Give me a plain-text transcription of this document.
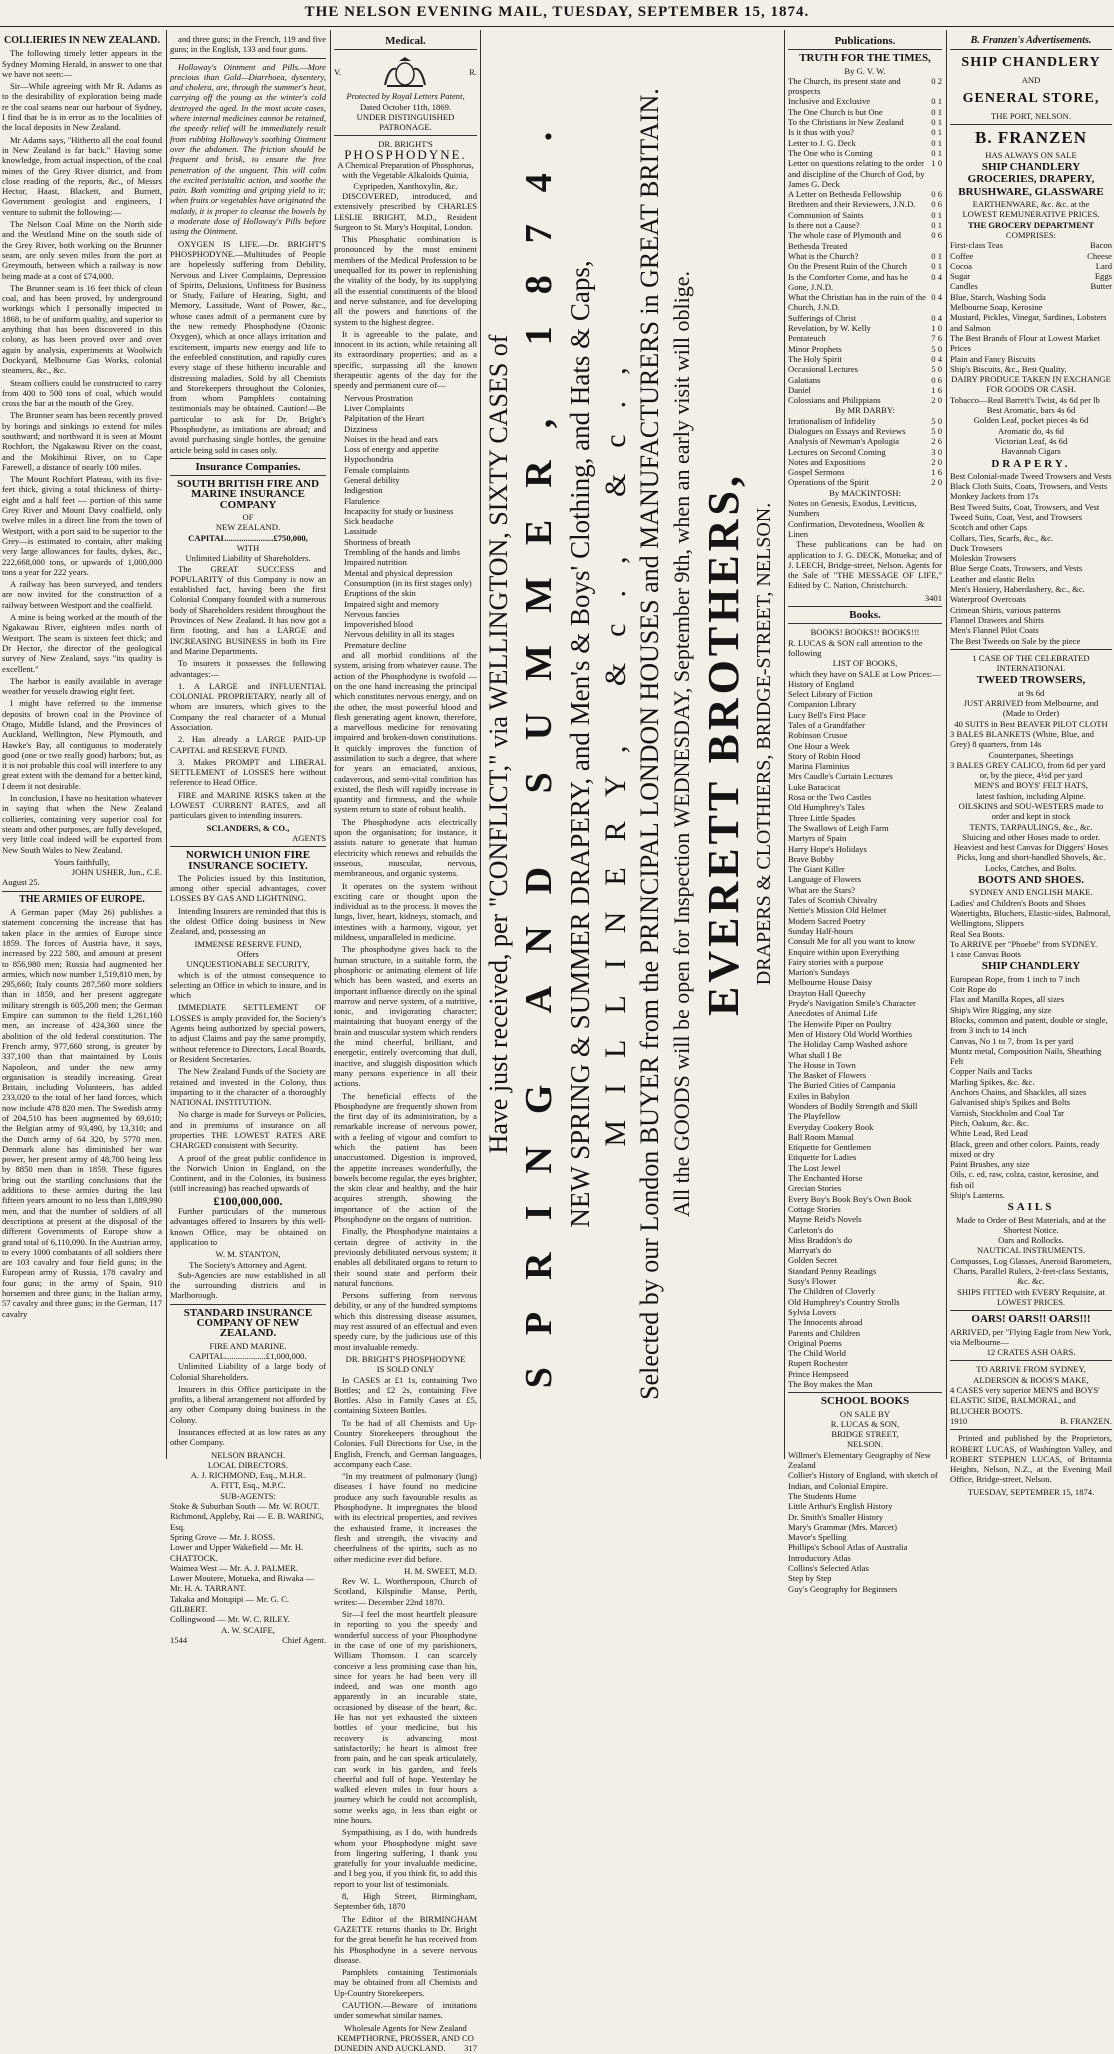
THE NELSON EVENING MAIL, TUESDAY, SEPTEMBER 15, 1874.
COLLIERIES IN NEW ZEALAND.

The following timely letter appears in the Sydney Morning Herald, in answer to one that we have not seen:—

Sir—While agreeing with Mr R. Adams as to the desirability of exploration being made re the coal seams near our harbour of Sydney, I find that he is in error as to the localities of the local deposits in New Zealand.

Mr Adams says, "Hitherto all the coal found in New Zealand is far back." Having some knowledge, from actual inspection, of the coal mines of the Grey River district, and from close reading of the reports, &c., of Messrs Hector, Haast, Blackett, and Burnett, Government geologist and engineers, I venture to submit the following:—

The Nelson Coal Mine on the North side and the Westland Mine on the south side of the Grey River, both working on the Brunner seam, are only seven miles from the port at Greymouth, between which a railway is now being made at a cost of £74,000.

The Brunner seam is 16 feet thick of clean coal, and has been proved, by underground workings which I personally inspected in 1868, to be of uniform quality, and superior to anything that has been discovered in this colony, as has been proved over and over again by analysis, experiments at Woolwich Dockyard, Melbourne Gas Works, colonial steamers, &c., &c.

Steam colliers could be constructed to carry from 400 to 500 tons of coal, which would cross the bar at the mouth of the Grey.

The Brunner seam has been recently proved by borings and sinkings to extend for miles southward; and northward it is seen at Mount Rochfort, the Ngakawau River on the coast, and the Mokihinui River, on to Cape Farewell, a distance of nearly 100 miles.

The Mount Rochfort Plateau, with its five-feet thick, giving a total thickness of thirty-eight and a half feet — portion of this same Grey River and Mount Davy coalfield, only twelve miles in a direct line from the town of Westport, with a port said to be superior to the Grey—is estimated to contain, after making very large allowances for faults, dykes, &c., 222,668,000 tons, or upwards of 1,000,000 tons a year for 222 years.

A railway has been surveyed, and tenders are now invited for the construction of a railway between Westport and the coalfield.

A mine is being worked at the mouth of the Ngakawau River, eighteen miles north of Westport. The seam is sixteen feet thick; and Dr Hector, the director of the geological survey of New Zealand, says "its quality is excellent."

The harbor is easily available in average weather for vessels drawing eight feet.

I might have referred to the immense deposits of brown coal in the Province of Otago, Middle Island, and the Provinces of Auckland, Wellington, New Plymouth, and Hawke's Bay, all contiguous to moderately good (one or two really good) harbors; but, as it is not probable this coal will interfere to any great extent with the demand for a better kind, I deem it not desirable.

In conclusion, I have no hesitation whatever in saying that when the New Zealand collieries, containing very superior coal for steam and other purposes, are fully developed, very little coal indeed will be exported from New South Wales to New Zealand.

Yours faithfully,
JOHN USHER, Jun., C.E.
August 25.
THE ARMIES OF EUROPE.

A German paper (May 26) publishes a statement concerning the increase that has taken place in the armies of Europe since 1859. The forces of Austria have, it says, increased by 222 580, and amount at present to 856,980 men; Russia had augmented her armies, which now number 1,519,810 men, by 295,660; Italy counts 287,560 more soldiers than in 1859, and her present aggregate military strength is 605,200 men; the German Empire can summon to the field 1,261,160 men, an increase of 424,360 since the abolition of the old federal constitution. The French army, 977,660 strong, is greater by 337,100 than that maintained by Louis Napoleon, and under the new army organisation is steadily increasing. Great Britain, including Volunteers, has added 233,020 to the total of her land forces, which now include 478 820 men. The Swedish army of 204,510 has been augmented by 69,610; the Belgian army of 93,490, by 13,310; and the Dutch army of 64 320, by 5770 men. Denmark alone has diminished her war power, her present army of 48,700 being less by 8850 men than in 1859. These figures bring out the startling conclusions that the additions to these armies during the last fifteen years amount to no less than 1,889,990 men, and that the number of soldiers of all descriptions at present at the disposal of the different Governments of Europe show a grand total of 6,110,090. In the Austrian army, to every 1000 combatants of all soldiers there are 103 cavalry and four field guns; in the European army of Russia, 178 cavalry and four guns; in the army of Spain, 910 horsemen and three guns; in the Italian army, 57 cavalry and three guns; in the German, 117 cavalry

and three guns; in the French, 119 and five guns; in the English, 133 and four guns.

Holloway's Ointment and Pills.—More precious than Gold—Diarrhoea, dysentery, and cholera, are, through the summer's heat, carrying off the young as the winter's cold destroyed the aged. In the most acute cases, where internal medicines cannot be retained, the speedy relief will be immediately result from rubbing Holloway's soothing Ointment over the abdomen. The friction should be frequent and brisk, to ensure the free penetration of the unguent. This will calm the excited peristaltic action, and soothe the pain. Both vomiting and griping yield to it; when fruits or vegetables have originated the malady, it is proper to cleanse the bowels by a moderate dose of Holloway's Pills before using the Ointment.

OXYGEN IS LIFE.—Dr. BRIGHT'S PHOSPHODYNE.—Multitudes of People are hopelessly suffering from Debility, Nervous and Liver Complaints, Depression of Spirits, Delusions, Unfitness for Business or Study, Failure of Hearing, Sight, and Memory, Lassitude, Want of Power, &c., whose cases admit of a permanent cure by the new remedy Phosphodyne (Ozonic Oxygen), which at once allays irritation and excitement, imparts new energy and life to the enfeebled constitution, and rapidly cures every stage of these hitherto incurable and distressing maladies. Sold by all Chemists and Storekeepers throughout the Colonies, from whom Pamphlets containing testimonials may be obtained. Caution!—Be particular to ask for Dr. Bright's Phosphodyne, as imitations are abroad; and avoid purchasing single bottles, the genuine article being sold in cases only.

Insurance Companies.
SOUTH BRITISH FIRE AND MARINE INSURANCE COMPANY
OF
NEW ZEALAND.
CAPITAL......................£750,000,
WITH
Unlimited Liability of Shareholders.

The GREAT SUCCESS and POPULARITY of this Company is now an established fact, having been the first Colonial Company founded with a numerous body of Shareholders resident throughout the Provinces of New Zealand. It has now got a firm footing, and has a LARGE and INCREASING BUSINESS in both its Fire and Marine Departments.

To insurers it possesses the following advantages:—

1. A LARGE and INFLUENTIAL COLONIAL PROPRIETARY, nearly all of whom are insurers, which gives to the Company the real character of a Mutual Association.

2. Has already a LARGE PAID-UP CAPITAL and RESERVE FUND.

3. Makes PROMPT and LIBERAL SETTLEMENT of LOSSES here without reference to Head Office.

FIRE and MARINE RISKS taken at the LOWEST CURRENT RATES, and all particulars given to intending insurers.

SCLANDERS, & CO.,
AGENTS
NORWICH UNION FIRE INSURANCE SOCIETY.

The Policies issued by this Institution, among other special advantages, cover LOSSES BY GAS AND LIGHTNING.

Intending Insurers are reminded that this is the oldest Office doing business in New Zealand, and, possessing an

IMMENSE RESERVE FUND,
Offers
UNQUESTIONABLE SECURITY,

which is of the utmost consequence to selecting an Office in which to insure, and in which

IMMEDIATE SETTLEMENT OF LOSSES is amply provided for, the Society's Agents being authorized by special powers, to adjust Claims and pay the same promptly, without reference to Directors, Local Boards, or Resident Secretaries.

The New Zealand Funds of the Society are retained and invested in the Colony, thus imparting to it the character of a thoroughly NATIONAL INSTITUTION.

No charge is made for Surveys or Policies, and in premiums of insurance on all properties THE LOWEST RATES ARE CHARGED consistent with Security.

A proof of the great public confidence in the Norwich Union in England, on the Continent, and in the Colonies, its business (still increasing) has reached upwards of

£100,000,000.

Further particulars of the numerous advantages offered to Insurers by this well-known Office, may be obtained on application to

W. M. STANTON,
The Society's Attorney and Agent.

Sub-Agencies are now established in all the surrounding districts and in Marlborough.

STANDARD INSURANCE COMPANY OF NEW ZEALAND.
FIRE AND MARINE.
CAPITAL...................£1,000,000.

Unlimited Liability of a large body of Colonial Shareholders.

Insurers in this Office participate in the profits, a liberal arrangement not afforded by any other Company doing business in the Colony.

Insurances effected at as low rates as any other Company.

NELSON BRANCH.
LOCAL DIRECTORS.
A. J. RICHMOND, Esq., M.H.R.
A. FITT, Esq., M.P.C.
SUB-AGENTS:
Stoke & Suburban South — Mr. W. ROUT.
Richmond, Appleby, Rai — E. B. WARING, Esq.
Spring Grove — Mr. J. ROSS.
Lower and Upper Wakefield — Mr. H. CHATTOCK.
Waimea West — Mr. A. J. PALMER.
Lower Moutere, Motueka, and Riwaka — Mr. H. A. TARRANT.
Takaka and Motupipi — Mr. G. C. GILBERT.
Collingwood — Mr. W. C. RILEY.
A. W. SCAIFE,
1544	Chief Agent.
Medical.
V.	R.
Protected by Royal Letters Patent,
Dated October 11th, 1869.
UNDER DISTINGUISHED PATRONAGE.
DR. BRIGHT'S
PHOSPHODYNE.
A Chemical Preparation of Phosphorus, with the Vegetable Alkaloids Quinia, Cypripeden, Xanthoxylin, &c.

DISCOVERED, introduced, and extensively prescribed by CHARLES LESLIE BRIGHT, M.D., Resident Surgeon to St. Mary's Hospital, London.

This Phosphatic combination is pronounced by the most eminent members of the Medical Profession to be unequalled for its power in replenishing the vitality of the body, by its supplying all the essential constituents of the blood and nerve substance, and for developing all the powers and functions of the system to the highest degree.

It is agreeable to the palate, and innocent in its action, while retaining all its extraordinary properties; and as a specific, surpassing all the known therapeutic agents of the day for the speedy and permanent cure of—

Nervous Prostration
Liver Complaints
Palpitation of the Heart
Dizziness
Noises in the head and ears
Loss of energy and appetite
Hypochondria
Female complaints
General debility
Indigestion
Flatulence
Incapacity for study or business
Sick headache
Lassitude
Shortness of breath
Trembling of the hands and limbs
Impaired nutrition
Mental and physical depression
Consumption (in its first stages only)
Eruptions of the skin
Impaired sight and memory
Nervous fancies
Impoverished blood
Nervous debility in all its stages
Premature decline

and all morbid conditions of the system, arising from whatever cause. The action of the Phosphodyne is twofold — on the one hand increasing the principal which constitutes nervous energy, and on the other, the most powerful blood and flesh generating agent known, therefore, a marvellous medicine for renovating impaired and broken-down constitutions. It quickly improves the function of assimilation to such a degree, that where for years an emaciated, anxious, cadaverous, and semi-vital condition has existed, the flesh will rapidly increase in quantity and firmness, and the whole system return to state of robust health.

The Phosphodyne acts electrically upon the organisation; for instance, it assists nature to generate that human electricity which renews and rebuilds the osseous, muscular, nervous, membraneous, and organic systems.

It operates on the system without exciting care or thought upon the individual as to the process. It moves the lungs, liver, heart, kidneys, stomach, and intestines with a harmony, vigour, yet mildness, unparalleled in medicine.

The phosphodyne gives back to the human structure, in a suitable form, the phosphoric or animating element of life which has been wasted, and exerts an important influence directly on the spinal marrow and nerve system, of a nutritive, tonic, and invigorating character; maintaining that buoyant energy of the brain and muscular system which renders the mind cheerful, brilliant, and energetic, entirely overcoming that dull, inactive, and sluggish disposition which many persons experience in all their actions.

The beneficial effects of the Phosphodyne are frequently shown from the first day of its administration, by a remarkable increase of nervous power, with a feeling of vigour and comfort to which the patient has been unaccustomed. Digestion is improved, the appetite increases wonderfully, the bowels become regular, the eyes brighter, the skin clear and healthy, and the hair acquires strength, showing the importance of the action of the Phosphodyne on the organs of nutrition.

Finally, the Phosphodyne maintains a certain degree of activity in the previously debilitated nervous system; it enables all debilitated organs to return to their sound state and perform their natural functions.

Persons suffering from nervous debility, or any of the hundred symptoms which this distressing disease assumes, may rest assured of an effectual and even speedy cure, by the judicious use of this most invaluable remedy.

DR. BRIGHT'S PHOSPHODYNE
IS SOLD ONLY

In CASES at £1 1s, containing Two Bottles; and £2 2s, containing Five Bottles. Also in Family Cases at £5, containing Sixteen Bottles.

To be had of all Chemists and Up-Country Storekeepers throughout the Colonies. Full Directions for Use, in the English, French, and German languages, accompany each Case.

"In my treatment of pulmonary (lung) diseases I have found no medicine produce any such favourable results as Phosphodyne. It impregnates the blood with its electrical properties, and revives the exhausted frame, it increases the flesh and strength, the vivacity and cheerfulness of the spirits, such as no other medicine ever did before.

H. M. SWEET, M.D.

Rev W. L. Wortherspoon, Church of Scotland, Kilspindie Manse, Perth, writes:— December 22nd 1870.

Sir—I feel the most heartfelt pleasure in reporting to you the speedy and wonderful success of your Phosphodyne in the case of one of my parishioners, William Thomson. I can scarcely conceive a less promising case than his, since for years he had been very ill indeed, and was one month ago apparently in an incurable state, occasioned by disease of the heart, &c. He has not yet exhausted the sixteen bottles of your medicine, but his recovery is advancing most satisfactorily; he heart is almost free from pain, and he can speak articulately, can work in his garden, and feels cheerful and full of hope. Yesterday he walked eleven miles in four hours a journey which he could not accomplish, some weeks ago, in less than eight or nine hours.

Sympathising, as I do, with hundreds whom your Phosphodyne might save from lingering suffering, I thank you gratefully for your invaluable medicine, and I beg you, if you think fit, to add this report to your list of testimonials.

8, High Street, Birmingham, September 6th, 1870

The Editor of the BIRMINGHAM GAZETTE returns thanks to Dr. Bright for the great benefit he has received from his Phosphodyne in a severe nervous disease.

Pamphlets containing Testimonials may be obtained from all Chemists and Up-Country Storekeepers.

CAUTION.—Beware of imitations under somewhat similar names.

Wholesale Agents for New Zealand
KEMPTHORNE, PROSSER, AND CO
DUNEDIN AND AUCKLAND. 317
Have just received, per "CONFLICT," via WELLINGTON, SIXTY CASES of SPRING AND SUMMER, 1874. NEW SPRING & SUMMER DRAPERY, and Men's & Boys' Clothing, and Hats & Caps, MILLINERY, &c., &c., Selected by our London BUYER from the PRINCIPAL LONDON HOUSES and MANUFACTURERS in GREAT BRITAIN. All the GOODS will be open for Inspection WEDNESDAY, September 9th, when an early visit will oblige. EVERETT BROTHERS, DRAPERS & CLOTHIERS, BRIDGE-STREET, NELSON.
Publications.
TRUTH FOR THE TIMES,
By G. V. W.
The Church, its present state and prospects
0 2
Inclusive and Exclusive	0 1
The One Church is but One	0 1
To the Christians in New Zealand	0 1
Is it thus with you?	0 1
Letter to J. G. Deck	0 1
The One who is Coming	0 1
Letter on questions relating to the order and discipline of the Church of God, by James G. Deck
1 0
A Letter on Bethesda Fellowship	0 6
Brethren and their Reviewers, J.N.D.	0 6
Communion of Saints	0 1
Is there not a Cause?	0 1
The whole case of Plymouth and Bethesda Treated
0 6
What is the Church?	0 1
On the Present Ruin of the Church	0 1
Is the Comforter Come, and has he Gone, J.N.D.
0 4
What the Christian has in the ruin of the Church, J.N.D.
0 4
Sufferings of Christ	0 4
Revelation, by W. Kelly	1 0
Pentateuch	7 6
Minor Prophets	5 0
The Holy Spirit	0 4
Occasional Lectures	5 0
Galatians	0 6
Daniel	1 6
Colossians and Philippians	2 0
By MR DARBY:
Irrationalism of Infidelity	5 0
Dialogues on Essays and Reviews	5 0
Analysis of Newman's Apologia	2 6
Lectures on Second Coming	3 0
Notes and Expositions	2 0
Gospel Sermons	1 6
Operations of the Spirit	2 0
By MACKINTOSH:
Notes on Genesis, Exodus, Leviticus, Numbers
Confirmation, Devotedness, Woollen & Linen

These publications can be had on application to J. G. DECK, Motueka; and of J. LEECH, Bridge-street, Nelson. Agents for the Sale of "THE MESSAGE OF LIFE," Edited by C. Nation, Christchurch.

3401
Books.
BOOKS! BOOKS!! BOOKS!!!
R. LUCAS & SON call attention to the following
LIST OF BOOKS,
which they have on SALE at Low Prices:—
History of England
Select Library of Fiction
Companion Library
Lucy Bell's First Place
Tales of a Grandfather
Robinson Crusoe
One Hour a Week
Story of Robin Hood
Marina Flaminius
Mrs Caudle's Curtain Lectures
Luke Baracicat
Rosa or the Two Castles
Old Humphrey's Tales
Three Little Spades
The Swallows of Leigh Farm
Martyrs of Spain
Harry Hope's Holidays
Brave Bobby
The Giant Killer
Language of Flowers
What are the Stars?
Tales of Scottish Chivalry
Nettie's Mission Old Helmet
Modern Sacred Poetry
Sunday Half-hours
Consult Me for all you want to know
Enquire within upon Everything
Fairy stories with a purpose
Marion's Sundays
Melbourne House Daisy
Drayton Hall Queechy
Pryde's Navigation Smile's Character
Anecdotes of Animal Life
The Henwife Piper on Poultry
Men of History Old World Worthies
The Holiday Camp Washed ashore
What shall I Be
The House in Town
The Basket of Flowers
The Buried Cities of Campania
Exiles in Babylon
Wonders of Bodily Strength and Skill
The Playfellow
Everyday Cookery Book
Ball Room Manual
Etiquette for Gentlemen
Etiquette for Ladies
The Lost Jewel
The Enchanted Horse
Grecian Stories
Every Boy's Book Boy's Own Book
Cottage Stories
Mayne Reid's Novels
Carleton's do
Miss Braddon's do
Marryat's do
Golden Secret
Standard Penny Readings
Susy's Flower
The Children of Cloverly
Old Humphrey's Country Strolls
Sylvia Lovers
The Innocents abroad
Parents and Children
Original Poems
The Child World
Rupert Rochester
Prince Hempseed
The Boy makes the Man
SCHOOL BOOKS
ON SALE BY
R. LUCAS & SON,
BRIDGE STREET,
NELSON.
Willmer's Elementary Geography of New Zealand
Collier's History of England, with sketch of Indian, and Colonial Empire.
The Students Hume
Little Arthur's English History
Dr. Smith's Smaller History
Mary's Grammar (Mrs. Marcet)
Mavor's Spelling
Phillips's School Atlas of Australia
Introductory Atlas
Collins's Selected Atlas
Step by Step
Guy's Geography for Beginners
B. Franzen's Advertisements.
SHIP CHANDLERY
AND
GENERAL STORE,
THE PORT, NELSON.
B. FRANZEN
HAS ALWAYS ON SALE
SHIP CHANDLERY
GROCERIES, DRAPERY,
BRUSHWARE, GLASSWARE
EARTHENWARE, &c. &c. at the
LOWEST REMUNERATIVE PRICES.
THE GROCERY DEPARTMENT
COMPRISES:
First-class Teas	Bacon
Coffee	Cheese
Cocoa	Lard
Sugar	Eggs
Candles	Butter
Blue, Starch, Washing Soda
Melbourne Soap, Kerosine
Mustard, Pickles, Vinegar, Sardines, Lobsters and Salmon
The Best Brands of Flour at Lowest Market Prices
Plain and Fancy Biscuits
Ship's Biscuits, &c., Best Quality.
DAIRY PRODUCE TAKEN IN EXCHANGE FOR GOODS OR CASH.
Tobacco—Real Barrett's Twist, 4s 6d per lb
Best Aromatic, bars 4s 6d
Golden Leaf, pocket pieces 4s 6d
Aromatic do, 4s 6d
Victorian Leaf, 4s 6d
Havannah Cigars
DRAPERY.
Best Colonial-made Tweed Trowsers and Vests
Black Cloth Suits, Coats, Trowsers, and Vests
Monkey Jackets from 17s
Best Tweed Suits, Coat, Trowsers, and Vest
Tweed Suits, Coat, Vest, and Trowsers
Scotch and other Caps
Collars, Ties, Scarfs, &c., &c.
Duck Trowsers
Moleskin Trowsers
Blue Serge Coats, Trowsers, and Vests
Leather and elastic Belts
Men's Hosiery, Haberdashery, &c., &c.
Waterproof Overcoats
Crimean Shirts, various patterns
Flannel Drawers and Shirts
Men's Flannel Pilot Coats
The Best Tweeds on Sale by the piece
1 CASE OF THE CELEBRATED
INTERNATIONAL
TWEED TROWSERS,
at 9s 6d
JUST ARRIVED from Melbourne, and
(Made to Order)
40 SUITS in Best BEAVER PILOT CLOTH
3 BALES BLANKETS (White, Blue, and Grey) 8 quarters, from 14s
Counterpanes, Sheetings
3 BALES GREY CALICO, from 6d per yard
or, by the piece, 4½d per yard
MEN'S and BOYS' FELT HATS,
latest fashion, including Alpine.
OILSKINS and SOU-WESTERS made to order and kept in stock
TENTS, TARPAULINGS, &c., &c.
Sluicing and other Hoses made to order.
Heaviest and best Canvas for Diggers' Hoses
Picks, long and short-handled Shovels, &c.
Locks, Catches, and Bolts.
BOOTS AND SHOES.
SYDNEY AND ENGLISH MAKE.
Ladies' and Children's Boots and Shoes
Watertights, Bluchers, Elastic-sides, Balmoral, Wellingtons, Slippers
Real Sea Boots.
To ARRIVE per "Phoebe" from SYDNEY.
1 case Canvas Boots
SHIP CHANDLERY
European Rope, from 1 inch to 7 inch
Coir Rope do
Flax and Manilla Ropes, all sizes
Ship's Wire Rigging, any size
Blocks, common and patent, double or single, from 3 inch to 14 inch
Canvas, No 1 to 7, from 1s per yard
Muntz metal, Composition Nails, Sheathing Felt
Copper Nails and Tacks
Marling Spikes, &c. &c.
Anchors Chains, and Shackles, all sizes
Galvanised ship's Spikes and Bolts
Varnish, Stockholm and Coal Tar
Pitch, Oakum, &c. &c.
White Lead, Red Lead
Black, green and other colors. Paints, ready mixed or dry
Paint Brushes, any size
Oils, c. ed, raw, colza, castor, kerosine, and fish oil
Ship's Lanterns.
SAILS
Made to Order of Best Materials, and at the Shortest Notice.
Oars and Rollocks.
NAUTICAL INSTRUMENTS.
Compasses, Log Glasses, Aneroid Barometers, Charts, Parallel Rulers, 2-feet-class Sextants, &c. &c.
SHIPS FITTED with EVERY Requisite, at LOWEST PRICES.
OARS! OARS!! OARS!!!
ARRIVED, per "Flying Eagle from New York, via Melbourne—
12 CRATES ASH OARS.
TO ARRIVE FROM SYDNEY,
ALDERSON & BOOS'S MAKE,
4 CASES very superior MEN'S and BOYS' ELASTIC SIDE, BALMORAL, and BLUCHER BOOTS.
1910	B. FRANZEN.

Printed and published by the Proprietors, ROBERT LUCAS, of Washington Valley, and ROBERT STEPHEN LUCAS, of Britannia Heights, Nelson, N.Z., at the Evening Mail Office, Bridge-street, Nelson.

TUESDAY, SEPTEMBER 15, 1874.
